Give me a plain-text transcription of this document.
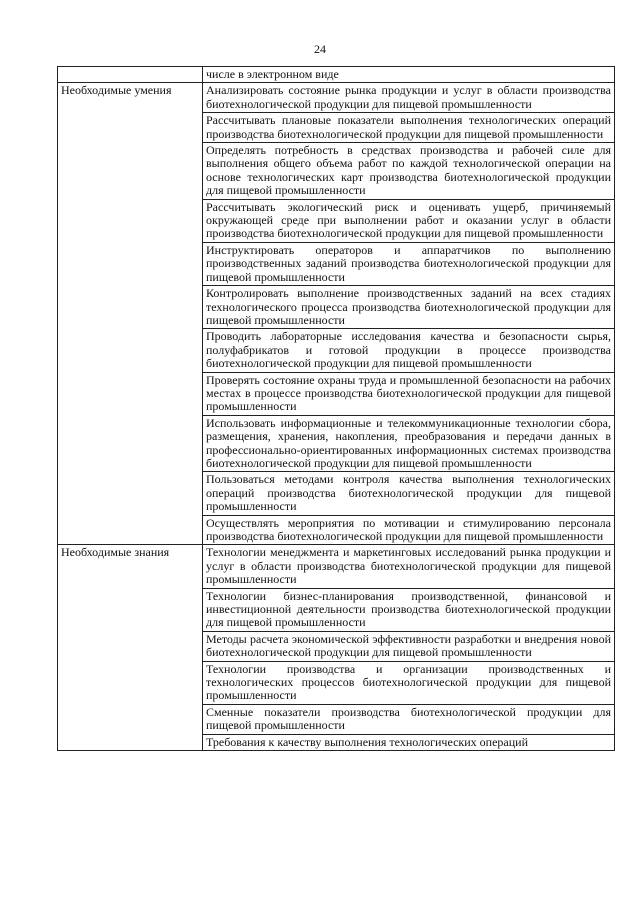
24
	числе в электронном виде
Необходимые умения	Анализировать состояние рынка продукции и услуг в области производства биотехнологической продукции для пищевой промышленности
	Рассчитывать плановые показатели выполнения технологических операций производства биотехнологической продукции для пищевой промышленности
	Определять потребность в средствах производства и рабочей силе для выполнения общего объема работ по каждой технологической операции на основе технологических карт производства биотехнологической продукции для пищевой промышленности
	Рассчитывать экологический риск и оценивать ущерб, причиняемый окружающей среде при выполнении работ и оказании услуг в области производства биотехнологической продукции для пищевой промышленности
	Инструктировать операторов и аппаратчиков по выполнению производственных заданий производства биотехнологической продукции для пищевой промышленности
	Контролировать выполнение производственных заданий на всех стадиях технологического процесса производства биотехнологической продукции для пищевой промышленности
	Проводить лабораторные исследования качества и безопасности сырья, полуфабрикатов и готовой продукции в процессе производства биотехнологической продукции для пищевой промышленности
	Проверять состояние охраны труда и промышленной безопасности на рабочих местах в процессе производства биотехнологической продукции для пищевой промышленности
	Использовать информационные и телекоммуникационные технологии сбора, размещения, хранения, накопления, преобразования и передачи данных в профессионально-ориентированных информационных системах производства биотехнологической продукции для пищевой промышленности
	Пользоваться методами контроля качества выполнения технологических операций производства биотехнологической продукции для пищевой промышленности
	Осуществлять мероприятия по мотивации и стимулированию персонала производства биотехнологической продукции для пищевой промышленности
Необходимые знания	Технологии менеджмента и маркетинговых исследований рынка продукции и услуг в области производства биотехнологической продукции для пищевой промышленности
	Технологии бизнес-планирования производственной, финансовой и инвестиционной деятельности производства биотехнологической продукции для пищевой промышленности
	Методы расчета экономической эффективности разработки и внедрения новой биотехнологической продукции для пищевой промышленности
	Технологии производства и организации производственных и технологических процессов биотехнологической продукции для пищевой промышленности
	Сменные показатели производства биотехнологической продукции для пищевой промышленности
	Требования к качеству выполнения технологических операций
